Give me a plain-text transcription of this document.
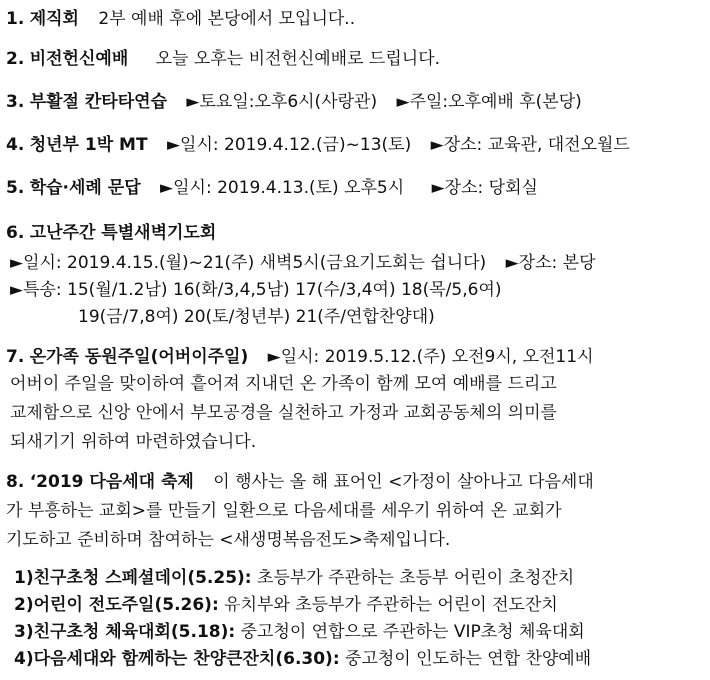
1. 제직회 2부 예배 후에 본당에서 모입니다..
2. 비전헌신예배 오늘 오후는 비전헌신예배로 드립니다.
3. 부활절 칸타타연습 ►토요일:오후6시(사랑관) ►주일:오후예배 후(본당)
4. 청년부 1박 MT ►일시: 2019.4.12.(금)~13(토) ►장소: 교육관, 대전오월드
5. 학습·세례 문답 ►일시: 2019.4.13.(토) 오후5시 ►장소: 당회실
6. 고난주간 특별새벽기도회
►일시: 2019.4.15.(월)~21(주) 새벽5시(금요기도회는 쉽니다) ►장소: 본당
►특송: 15(월/1.2남) 16(화/3,4,5남) 17(수/3,4여) 18(목/5,6여)
19(금/7,8여) 20(토/청년부) 21(주/연합찬양대)
7. 온가족 동원주일(어버이주일) ►일시: 2019.5.12.(주) 오전9시, 오전11시
어버이 주일을 맞이하여 흩어져 지내던 온 가족이 함께 모여 예배를 드리고
교제함으로 신앙 안에서 부모공경을 실천하고 가정과 교회공동체의 의미를
되새기기 위하여 마련하였습니다.
8. ‘2019 다음세대 축제 이 행사는 올 해 표어인 <가정이 살아나고 다음세대
가 부흥하는 교회>를 만들기 일환으로 다음세대를 세우기 위하여 온 교회가
기도하고 준비하며 참여하는 <새생명복음전도>축제입니다.
1)친구초청 스페셜데이(5.25): 초등부가 주관하는 초등부 어린이 초청잔치
2)어린이 전도주일(5.26): 유치부와 초등부가 주관하는 어린이 전도잔치
3)친구초청 체육대회(5.18): 중고청이 연합으로 주관하는 VIP초청 체육대회
4)다음세대와 함께하는 찬양큰잔치(6.30): 중고청이 인도하는 연합 찬양예배
